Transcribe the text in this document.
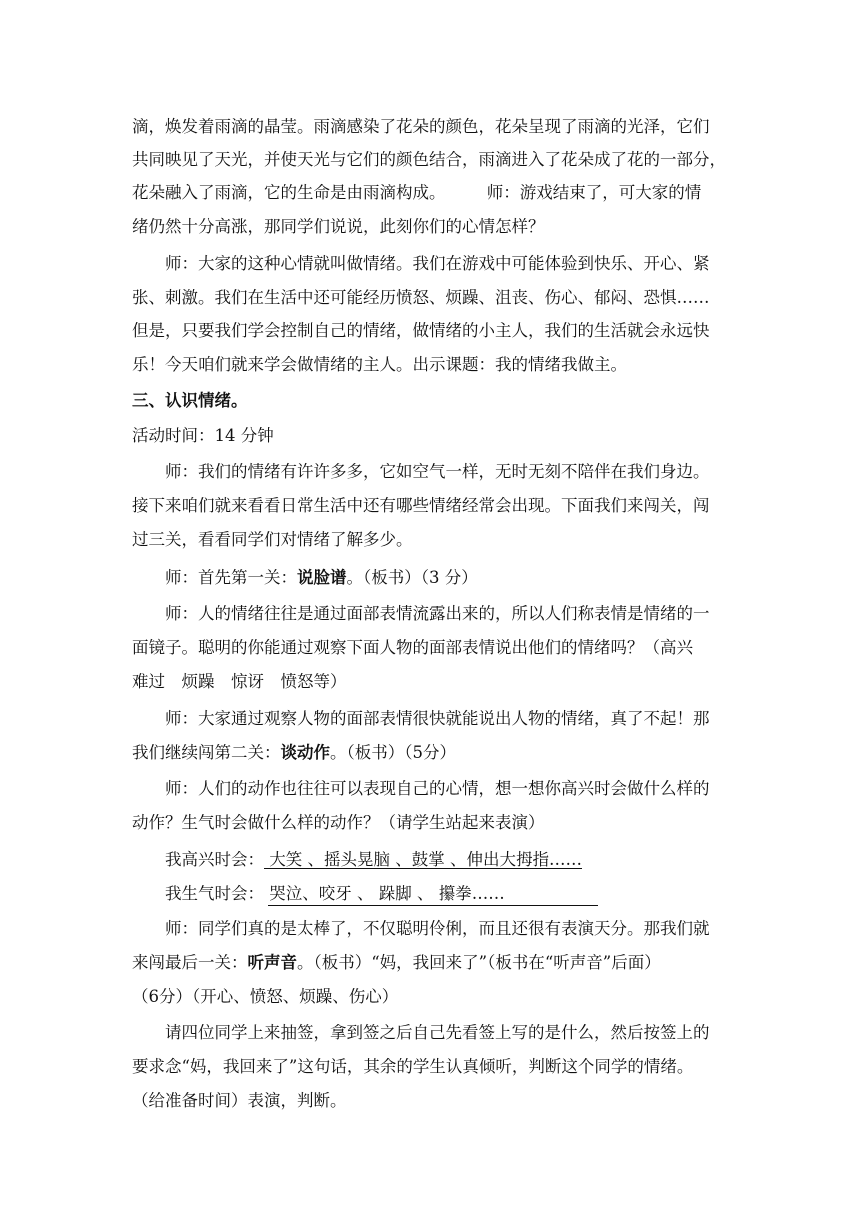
滴，焕发着雨滴的晶莹。雨滴感染了花朵的颜色，花朵呈现了雨滴的光泽，它们
共同映见了天光，并使天光与它们的颜色结合，雨滴进入了花朵成了花的一部分，
花朵融入了雨滴，它的生命是由雨滴构成。　　　师：游戏结束了，可大家的情
绪仍然十分高涨，那同学们说说，此刻你们的心情怎样？
师：大家的这种心情就叫做情绪。我们在游戏中可能体验到快乐、开心、紧
张、刺激。我们在生活中还可能经历愤怒、烦躁、沮丧、伤心、郁闷、恐惧……
但是，只要我们学会控制自己的情绪，做情绪的小主人，我们的生活就会永远快
乐！今天咱们就来学会做情绪的主人。出示课题：我的情绪我做主。
三、认识情绪。
活动时间：14 分钟
师：我们的情绪有许许多多，它如空气一样，无时无刻不陪伴在我们身边。
接下来咱们就来看看日常生活中还有哪些情绪经常会出现。下面我们来闯关，闯
过三关，看看同学们对情绪了解多少。
师：首先第一关：说脸谱。（板书）（3 分）
师：人的情绪往往是通过面部表情流露出来的，所以人们称表情是情绪的一
面镜子。聪明的你能通过观察下面人物的面部表情说出他们的情绪吗？（高兴
难过　烦躁　惊讶　愤怒等）
师：大家通过观察人物的面部表情很快就能说出人物的情绪，真了不起！那
我们继续闯第二关：谈动作。（板书）（5分）
师：人们的动作也往往可以表现自己的心情，想一想你高兴时会做什么样的
动作？生气时会做什么样的动作？（请学生站起来表演）
我高兴时会： 大笑 、摇头晃脑 、鼓掌 、伸出大拇指……
我生气时会： 哭泣、咬牙 、 跺脚 、 攥拳……
师：同学们真的是太棒了，不仅聪明伶俐，而且还很有表演天分。那我们就
来闯最后一关：听声音。（板书）“妈，我回来了”（板书在“听声音”后面）
（6分）（开心、愤怒、烦躁、伤心）
请四位同学上来抽签，拿到签之后自己先看签上写的是什么，然后按签上的
要求念“妈，我回来了”这句话，其余的学生认真倾听，判断这个同学的情绪。
（给准备时间）表演，判断。
